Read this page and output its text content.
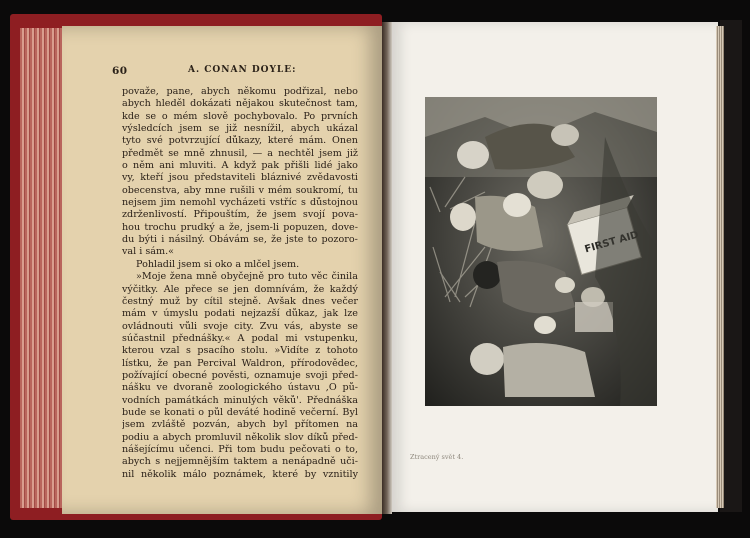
60	A. CONAN DOYLE:
považe, pane, abych někomu podřizal, nebo
abych hleděl dokázati nějakou skutečnost tam,
kde se o mém slově pochybovalo. Po prvních
výsledcích jsem se již nesnížil, abych ukázal
tyto své potvrzující důkazy, které mám. Onen
předmět se mně zhnusil, — a nechtěl jsem již
o něm ani mluviti. A když pak přišli lidé jako
vy, kteří jsou představiteli bláznivé zvědavosti
obecenstva, aby mne rušili v mém soukromí, tu
nejsem jim nemohl vycházeti vstříc s důstojnou
zdrženlivostí. Připouštím, že jsem svojí pova-
hou trochu prudký a že, jsem-li popuzen, dove-
du býti i násilný. Obávám se, že jste to pozoro-
val i sám.«
Pohladil jsem si oko a mlčel jsem.
»Moje žena mně obyčejně pro tuto věc činila
výčitky. Ale přece se jen domnívám, že každý
čestný muž by cítil stejně. Avšak dnes večer
mám v úmyslu podati nejzazší důkaz, jak lze
ovládnouti vůli svoje city. Zvu vás, abyste se
súčastnil přednášky.« A podal mi vstupenku,
kterou vzal s psacího stolu. »Vidíte z tohoto
lístku, že pan Percival Waldron, přírodovědec,
požívající obecné pověsti, oznamuje svoji před-
nášku ve dvoraně zoologického ústavu ,O pů-
vodních památkách minulých věků'. Přednáška
bude se konati o půl deváté hodině večerní. Byl
jsem zvláště pozván, abych byl přítomen na
podiu a abych promluvil několik slov díků před-
nášejícímu učenci. Při tom budu pečovati o to,
abych s nejjemnějším taktem a nenápadně uči-
nil několik málo poznámek, které by vznitily
Ztracený svět 4.
